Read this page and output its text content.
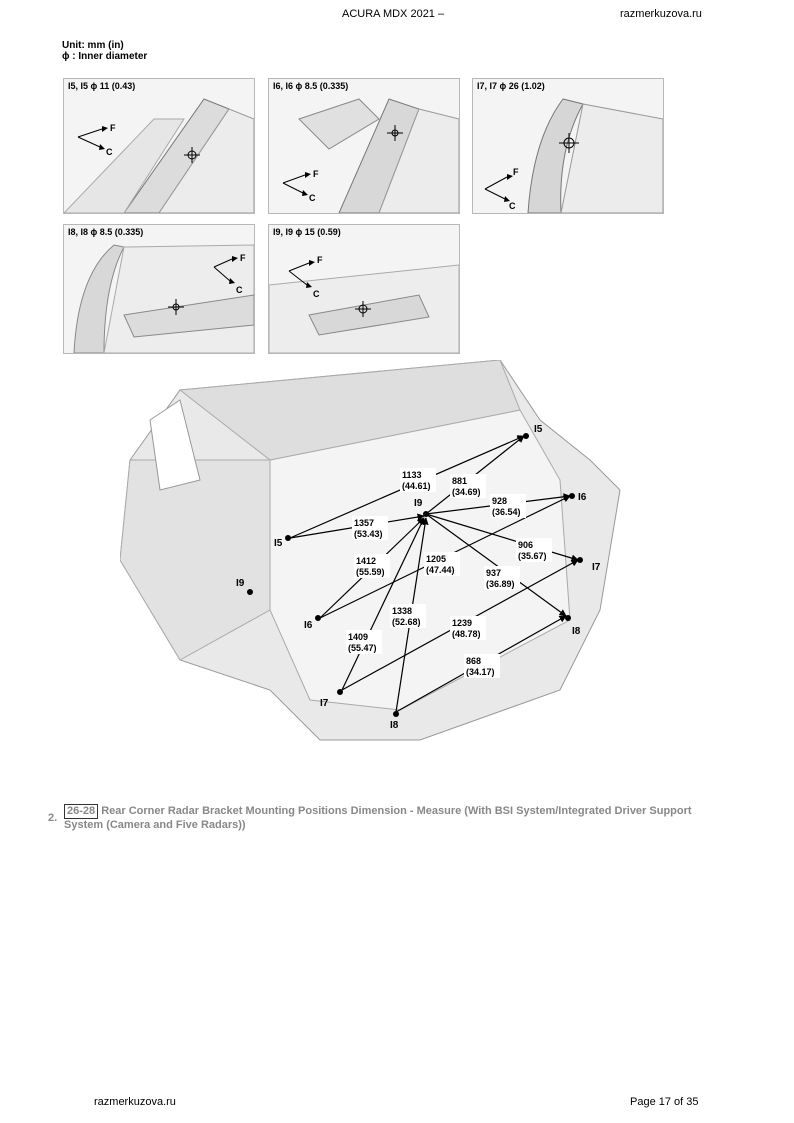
ACURA MDX 2021 –	razmerkuzova.ru
Unit: mm (in)
ϕ : Inner diameter
I5, I5 ϕ 11 (0.43)
F
C
I6, I6 ϕ 8.5 (0.335)
F
C
I7, I7 ϕ 26 (1.02)
F
C
I8, I8 ϕ 8.5 (0.335)
F
C
I9, I9 ϕ 15 (0.59)
F
C
I9
I5
I6
I7
I8
I5
I6
I7
I8
I9
1133
(44.61) 881
(34.69)
928
(36.54)
1357
(53.43)
906
(35.67)
1412
(55.59)
1205
(47.44)	937
(36.89)
1338
(52.68)	1239
(48.78)
1409
(55.47)
868
(34.17)
2.
26-28 Rear Corner Radar Bracket Mounting Positions Dimension - Measure (With BSI System/Integrated Driver Support System (Camera and Five Radars))
razmerkuzova.ru	Page 17 of 35
